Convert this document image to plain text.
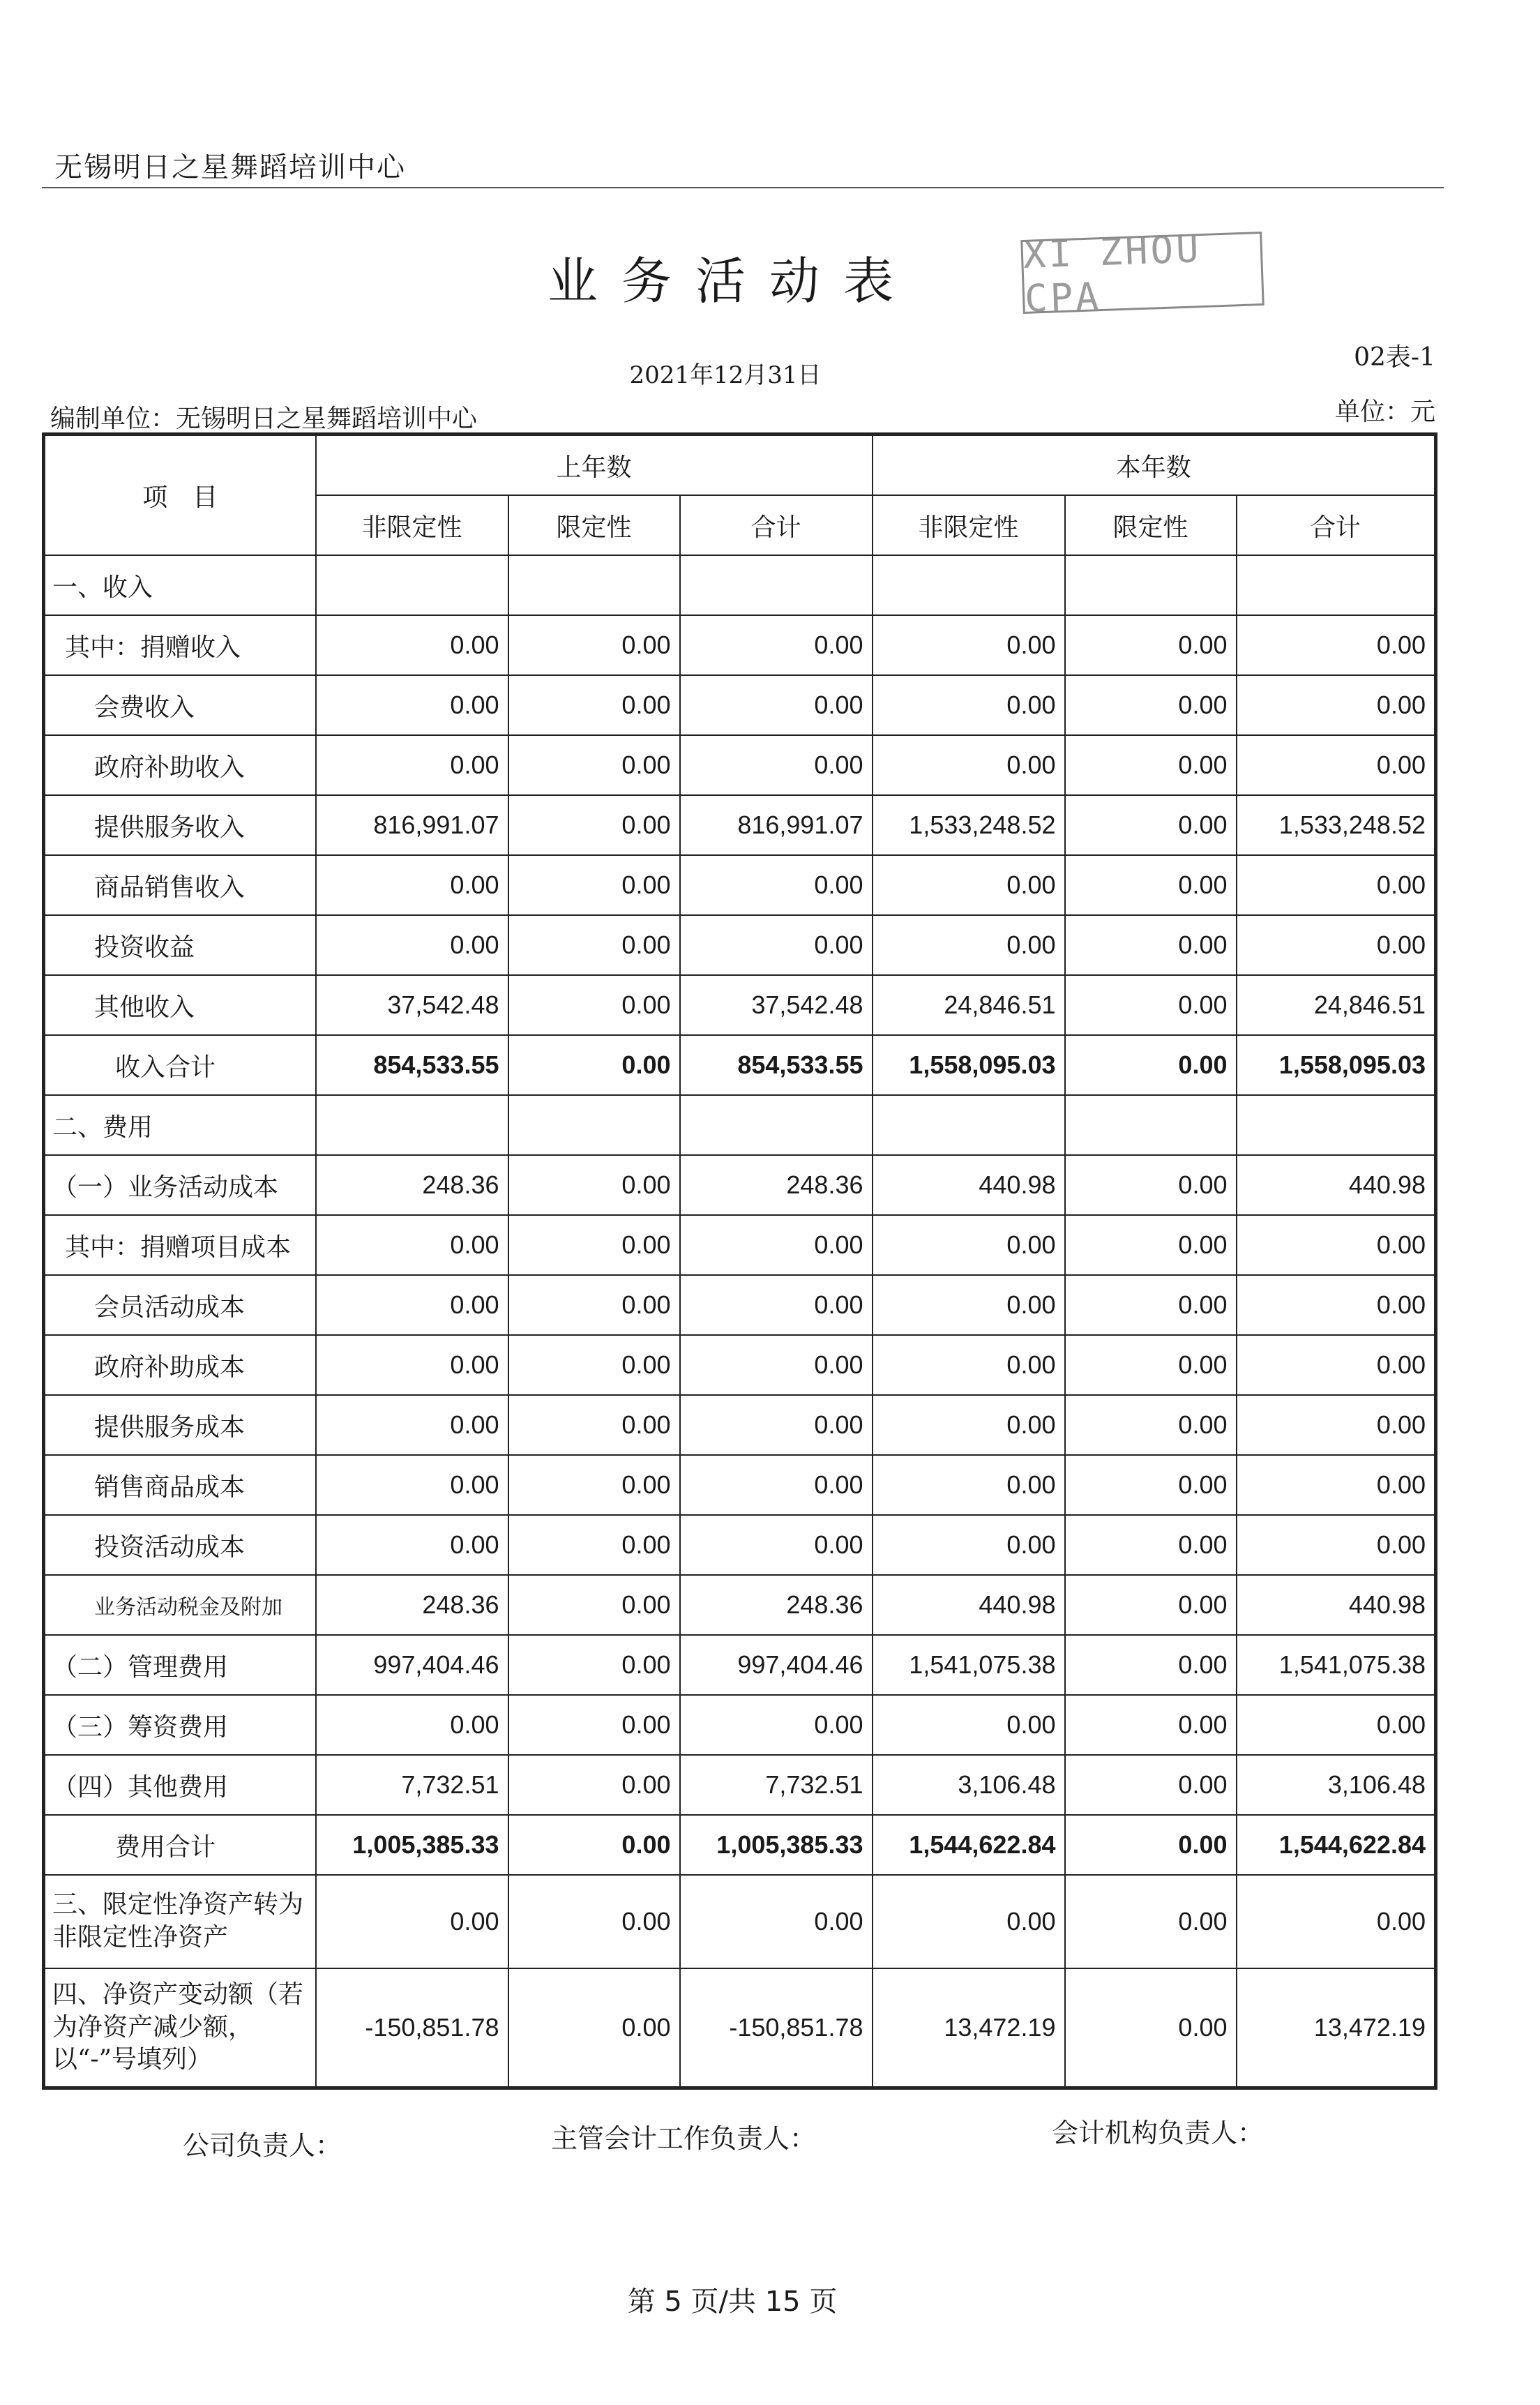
无锡明日之星舞蹈培训中心
业务活动表
XI ZHOU CPA
2021年12月31日
02表-1
编制单位：无锡明日之星舞蹈培训中心	单位：元
项　目	上年数			本年数		
	非限定性	限定性	合计	非限定性	限定性	合计
一、收入						
其中：捐赠收入	0.00	0.00	0.00	0.00	0.00	0.00
会费收入	0.00	0.00	0.00	0.00	0.00	0.00
政府补助收入	0.00	0.00	0.00	0.00	0.00	0.00
提供服务收入	816,991.07	0.00	816,991.07	1,533,248.52	0.00	1,533,248.52
商品销售收入	0.00	0.00	0.00	0.00	0.00	0.00
投资收益	0.00	0.00	0.00	0.00	0.00	0.00
其他收入	37,542.48	0.00	37,542.48	24,846.51	0.00	24,846.51
收入合计	854,533.55	0.00	854,533.55	1,558,095.03	0.00	1,558,095.03
二、费用						
（一）业务活动成本	248.36	0.00	248.36	440.98	0.00	440.98
其中：捐赠项目成本	0.00	0.00	0.00	0.00	0.00	0.00
会员活动成本	0.00	0.00	0.00	0.00	0.00	0.00
政府补助成本	0.00	0.00	0.00	0.00	0.00	0.00
提供服务成本	0.00	0.00	0.00	0.00	0.00	0.00
销售商品成本	0.00	0.00	0.00	0.00	0.00	0.00
投资活动成本	0.00	0.00	0.00	0.00	0.00	0.00
业务活动税金及附加	248.36	0.00	248.36	440.98	0.00	440.98
（二）管理费用	997,404.46	0.00	997,404.46	1,541,075.38	0.00	1,541,075.38
（三）筹资费用	0.00	0.00	0.00	0.00	0.00	0.00
（四）其他费用	7,732.51	0.00	7,732.51	3,106.48	0.00	3,106.48
费用合计	1,005,385.33	0.00	1,005,385.33	1,544,622.84	0.00	1,544,622.84
三、限定性净资产转为非限定性净资产	0.00	0.00	0.00	0.00	0.00	0.00
四、净资产变动额（若为净资产减少额，以“-”号填列）	-150,851.78	0.00	-150,851.78	13,472.19	0.00	13,472.19
公司负责人：	主管会计工作负责人：	会计机构负责人：
第 5 页/共 15 页
